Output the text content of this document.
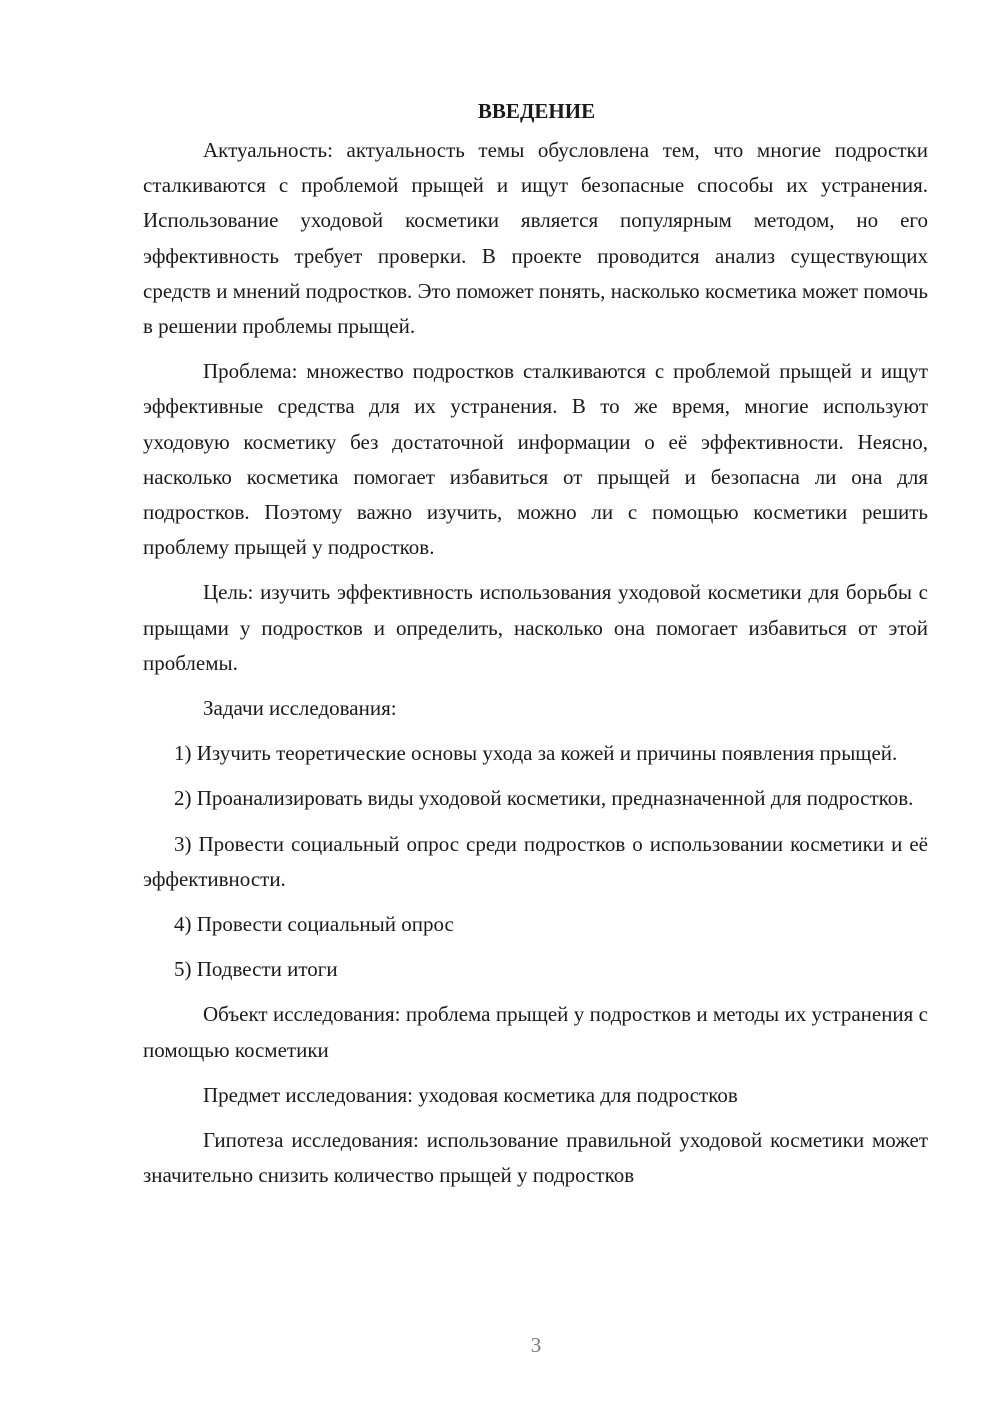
ВВЕДЕНИЕ

Актуальность: актуальность темы обусловлена тем, что многие подростки сталкиваются с проблемой прыщей и ищут безопасные способы их устранения. Использование уходовой косметики является популярным методом, но его эффективность требует проверки. В проекте проводится анализ существующих средств и мнений подростков. Это поможет понять, насколько косметика может помочь в решении проблемы прыщей.

Проблема: множество подростков сталкиваются с проблемой прыщей и ищут эффективные средства для их устранения. В то же время, многие используют уходовую косметику без достаточной информации о её эффективности. Неясно, насколько косметика помогает избавиться от прыщей и безопасна ли она для подростков. Поэтому важно изучить, можно ли с помощью косметики решить проблему прыщей у подростков.

Цель: изучить эффективность использования уходовой косметики для борьбы с прыщами у подростков и определить, насколько она помогает избавиться от этой проблемы.

Задачи исследования:

1) Изучить теоретические основы ухода за кожей и причины появления прыщей.

2) Проанализировать виды уходовой косметики, предназначенной для подростков.

3) Провести социальный опрос среди подростков о использовании косметики и её эффективности.

4) Провести социальный опрос

5) Подвести итоги

Объект исследования: проблема прыщей у подростков и методы их устранения с помощью косметики

Предмет исследования: уходовая косметика для подростков

Гипотеза исследования: использование правильной уходовой косметики может значительно снизить количество прыщей у подростков

3
